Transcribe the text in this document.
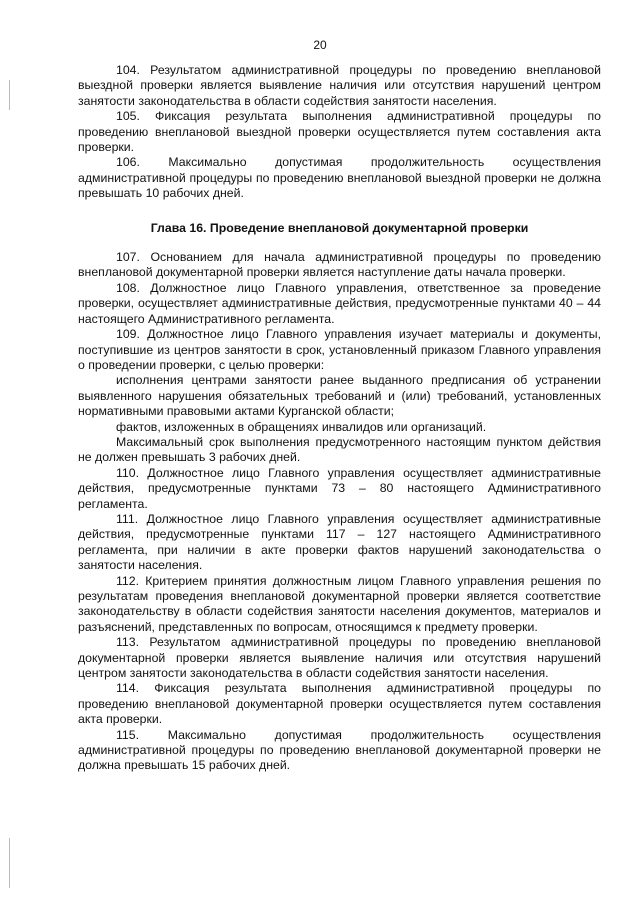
20

104. Результатом административной процедуры по проведению внеплановой выездной проверки является выявление наличия или отсутствия нарушений центром занятости законодательства в области содействия занятости населения.

105. Фиксация результата выполнения административной процедуры по проведению внеплановой выездной проверки осуществляется путем составления акта проверки.

106. Максимально допустимая продолжительность осуществления административной процедуры по проведению внеплановой выездной проверки не должна превышать 10 рабочих дней.

Глава 16. Проведение внеплановой документарной проверки

107. Основанием для начала административной процедуры по проведению внеплановой документарной проверки является наступление даты начала проверки.

108. Должностное лицо Главного управления, ответственное за проведение проверки, осуществляет административные действия, предусмотренные пунктами 40 – 44 настоящего Административного регламента.

109. Должностное лицо Главного управления изучает материалы и документы, поступившие из центров занятости в срок, установленный приказом Главного управления о проведении проверки, с целью проверки:

исполнения центрами занятости ранее выданного предписания об устранении выявленного нарушения обязательных требований и (или) требований, установленных нормативными правовыми актами Курганской области;

фактов, изложенных в обращениях инвалидов или организаций.

Максимальный срок выполнения предусмотренного настоящим пунктом действия не должен превышать 3 рабочих дней.

110. Должностное лицо Главного управления осуществляет административные действия, предусмотренные пунктами 73 – 80 настоящего Административного регламента.

111. Должностное лицо Главного управления осуществляет административные действия, предусмотренные пунктами 117 – 127 настоящего Административного регламента, при наличии в акте проверки фактов нарушений законодательства о занятости населения.

112. Критерием принятия должностным лицом Главного управления решения по результатам проведения внеплановой документарной проверки является соответствие законодательству в области содействия занятости населения документов, материалов и разъяснений, представленных по вопросам, относящимся к предмету проверки.

113. Результатом административной процедуры по проведению внеплановой документарной проверки является выявление наличия или отсутствия нарушений центром занятости законодательства в области содействия занятости населения.

114. Фиксация результата выполнения административной процедуры по проведению внеплановой документарной проверки осуществляется путем составления акта проверки.

115. Максимально допустимая продолжительность осуществления административной процедуры по проведению внеплановой документарной проверки не должна превышать 15 рабочих дней.
